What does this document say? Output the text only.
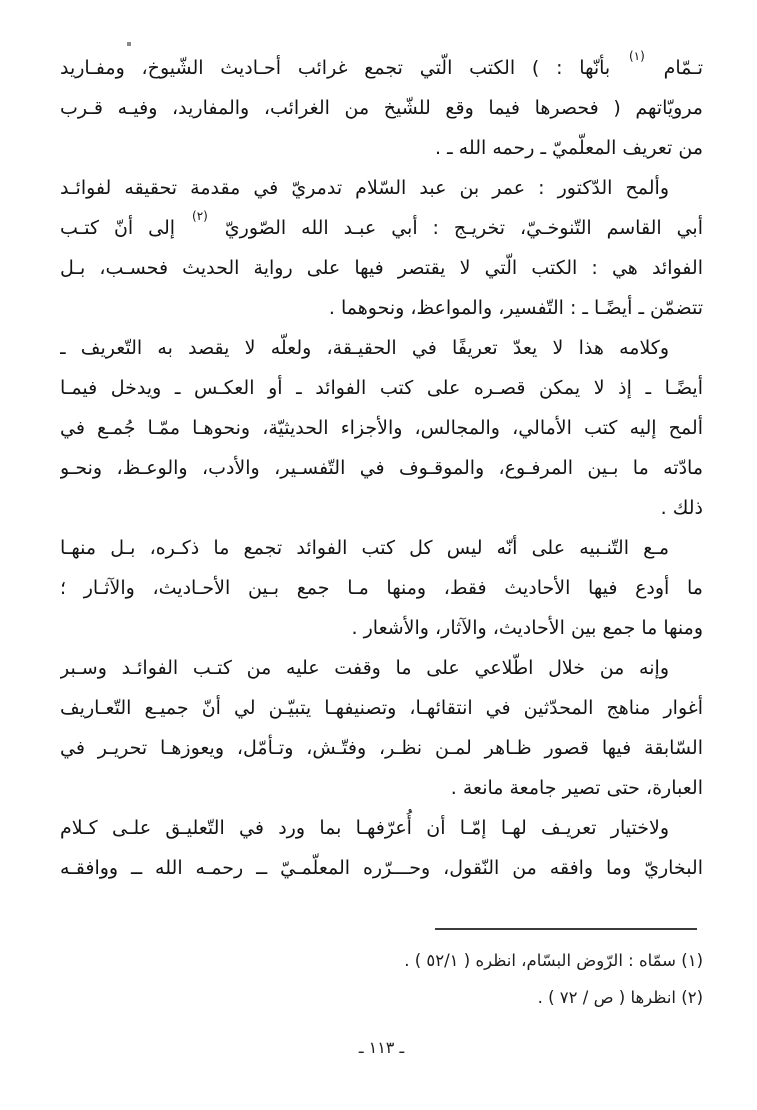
تـمّام $^{(١)}$ بأنّها : ) الكتب الّتي تجمع غرائب أحـاديث الشّيوخ، ومفـاريد
مرويّاتهم ( فحصرها فيما وقع للشّيخ من الغرائب، والمفاريد، وفيـه قـرب
من تعريف المعلّميّ ـ رحمه الله ـ .
وألمح الدّكتور : عمر بن عبد السّلام تدمريّ في مقدمة تحقيقه لفوائـد
أبي القاسم التّنوخـيّ، تخريـج : أبي عبـد الله الصّوريّ $^{(٢)}$ إلى أنّ كتـب
الفوائد هي : الكتب الّتي لا يقتصر فيها على رواية الحديث فحسـب، بـل
تتضمّن ـ أيضًـا ـ : التّفسير، والمواعظ، ونحوهما .
وكلامه هذا لا يعدّ تعريفًا في الحقيـقة، ولعلّه لا يقصد به التّعريف ـ
أيضًـا ـ إذ لا يمكن قصـره على كتب الفوائد ـ أو العكـس ـ ويدخل فيمـا
ألمح إليه كتب الأمالي، والمجالس، والأجزاء الحديثيّة، ونحوهـا ممّـا جُمـع في
مادّته ما بـين المرفـوع، والموقـوف في التّفسـير، والأدب، والوعـظ، ونحـو
ذلك .
مـع التّنـبيه على أنّه ليس كل كتب الفوائد تجمع ما ذكـره، بـل منهـا
ما أودع فيها الأحاديث فقط، ومنها مـا جمع بـين الأحـاديث، والآثـار ؛
ومنها ما جمع بين الأحاديث، والآثار، والأشعار .
وإنه من خلال اطّلاعي على ما وقفت عليه من كتـب الفوائـد وسـبر
أغوار مناهج المحدّثين في انتقائهـا، وتصنيفهـا يتبيّـن لي أنّ جميـع التّعـاريف
السّابقة فيها قصور ظـاهر لمـن نظـر، وفتّـش، وتـأمّل، ويعوزهـا تحريـر في
العبارة، حتى تصير جامعة مانعة .
ولاختيار تعريـف لهـا إمّـا أن أُعرّفهـا بما ورد في التّعليـق علـى كـلام
البخاريّ وما وافقه من النّقول، وحـــرّره المعلّمـيّ ــ رحمـه الله ــ ووافقـه
(١) سمّاه : الرّوض البسّام، انظره ( ٥٢/١ ) .
(٢) انظرها ( ص / ٧٢ ) .
ـ ١١٣ ـ
